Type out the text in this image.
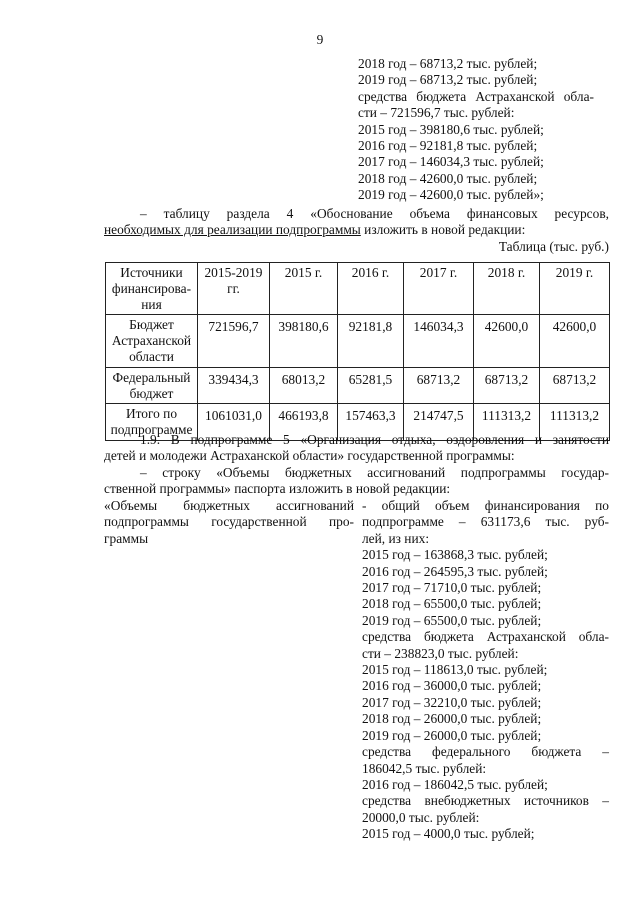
9
2018 год – 68713,2 тыс. рублей;
2019 год – 68713,2 тыс. рублей;
средства бюджета Астраханской обла-
сти – 721596,7 тыс. рублей:
2015 год – 398180,6 тыс. рублей;
2016 год – 92181,8 тыс. рублей;
2017 год – 146034,3 тыс. рублей;
2018 год – 42600,0 тыс. рублей;
2019 год – 42600,0 тыс. рублей»;
– таблицу раздела 4 «Обоснование объема финансовых ресурсов,
необходимых для реализации подпрограммы изложить в новой редакции:
Таблица (тыс. руб.)
Источники финансирова-ния	2015-2019 гг.	2015 г.	2016 г.	2017 г.	2018 г.	2019 г.
Бюджет Астраханской области	721596,7	398180,6	92181,8	146034,3	42600,0	42600,0
Федеральный бюджет	339434,3	68013,2	65281,5	68713,2	68713,2	68713,2
Итого по подпрограмме	1061031,0	466193,8	157463,3	214747,5	111313,2	111313,2
1.9. В подпрограмме 5 «Организация отдыха, оздоровления и занятости
детей и молодежи Астраханской области» государственной программы:
– строку «Объемы бюджетных ассигнований подпрограммы государ-
ственной программы» паспорта изложить в новой редакции:
«Объемы бюджетных ассигнований
подпрограммы государственной про-
граммы
- общий объем финансирования по
подпрограмме – 631173,6 тыс. руб-
лей, из них:
2015 год – 163868,3 тыс. рублей;
2016 год – 264595,3 тыс. рублей;
2017 год – 71710,0 тыс. рублей;
2018 год – 65500,0 тыс. рублей;
2019 год – 65500,0 тыс. рублей;
средства бюджета Астраханской обла-
сти – 238823,0 тыс. рублей:
2015 год – 118613,0 тыс. рублей;
2016 год – 36000,0 тыс. рублей;
2017 год – 32210,0 тыс. рублей;
2018 год – 26000,0 тыс. рублей;
2019 год – 26000,0 тыс. рублей;
средства федерального бюджета –
186042,5 тыс. рублей:
2016 год – 186042,5 тыс. рублей;
средства внебюджетных источников –
20000,0 тыс. рублей:
2015 год – 4000,0 тыс. рублей;
